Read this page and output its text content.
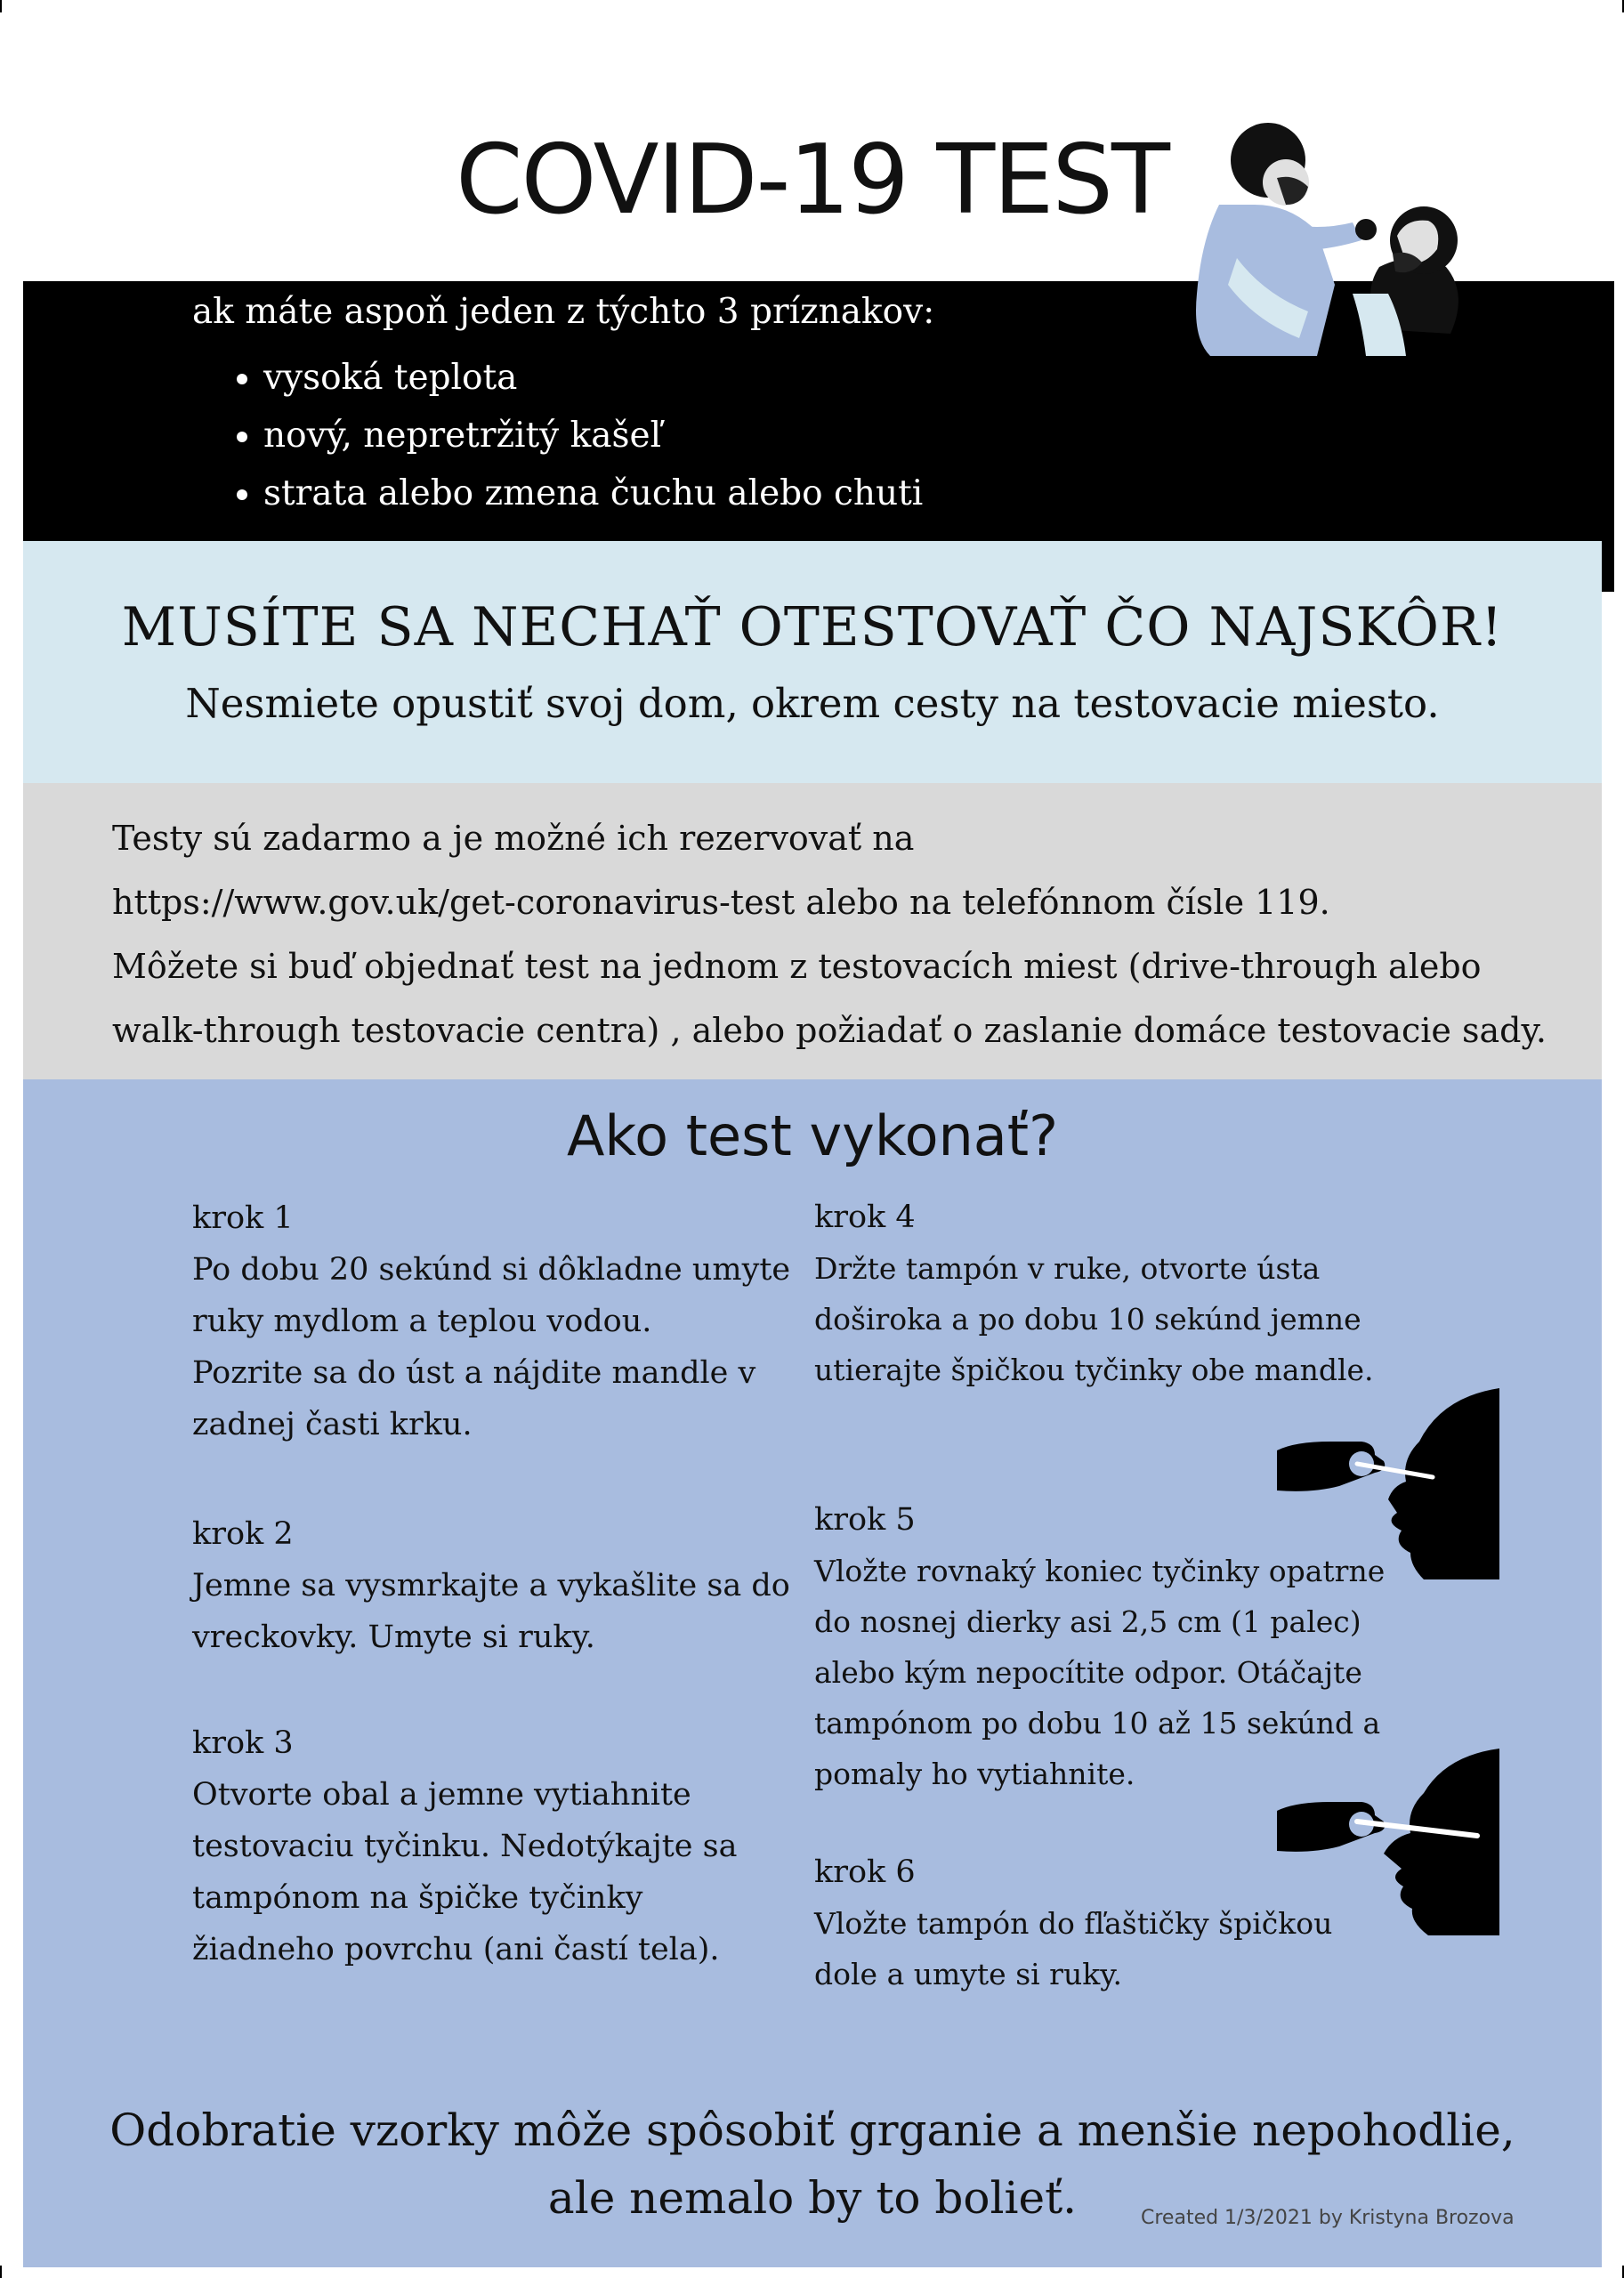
COVID-19 TEST
ak máte aspoň jeden z týchto 3 príznakov:
• vysoká teplota
• nový, nepretržitý kašeľ
• strata alebo zmena čuchu alebo chuti
MUSÍTE SA NECHAŤ OTESTOVAŤ ČO NAJSKÔR!
Nesmiete opustiť svoj dom, okrem cesty na testovacie miesto.
Testy sú zadarmo a je možné ich rezervovať na
https://www.gov.uk/get-coronavirus-test alebo na telefónnom čísle 119.
Môžete si buď objednať test na jednom z testovacích miest (drive-through alebo
walk-through testovacie centra) , alebo požiadať o zaslanie domáce testovacie sady.
Ako test vykonať?
krok 1
Po dobu 20 sekúnd si dôkladne umyte
ruky mydlom a teplou vodou.
Pozrite sa do úst a nájdite mandle v
zadnej časti krku.
krok 2
Jemne sa vysmrkajte a vykašlite sa do
vreckovky. Umyte si ruky.
krok 3
Otvorte obal a jemne vytiahnite
testovaciu tyčinku. Nedotýkajte sa
tampónom na špičke tyčinky
žiadneho povrchu (ani častí tela).
krok 4
Držte tampón v ruke, otvorte ústa
doširoka a po dobu 10 sekúnd jemne
utierajte špičkou tyčinky obe mandle.
krok 5
Vložte rovnaký koniec tyčinky opatrne
do nosnej dierky asi 2,5 cm (1 palec)
alebo kým nepocítite odpor. Otáčajte
tampónom po dobu 10 až 15 sekúnd a
pomaly ho vytiahnite.
krok 6
Vložte tampón do fľaštičky špičkou
dole a umyte si ruky.
Odobratie vzorky môže spôsobiť grganie a menšie nepohodlie,
ale nemalo by to bolieť.	Created 1/3/2021 by Kristyna Brozova
